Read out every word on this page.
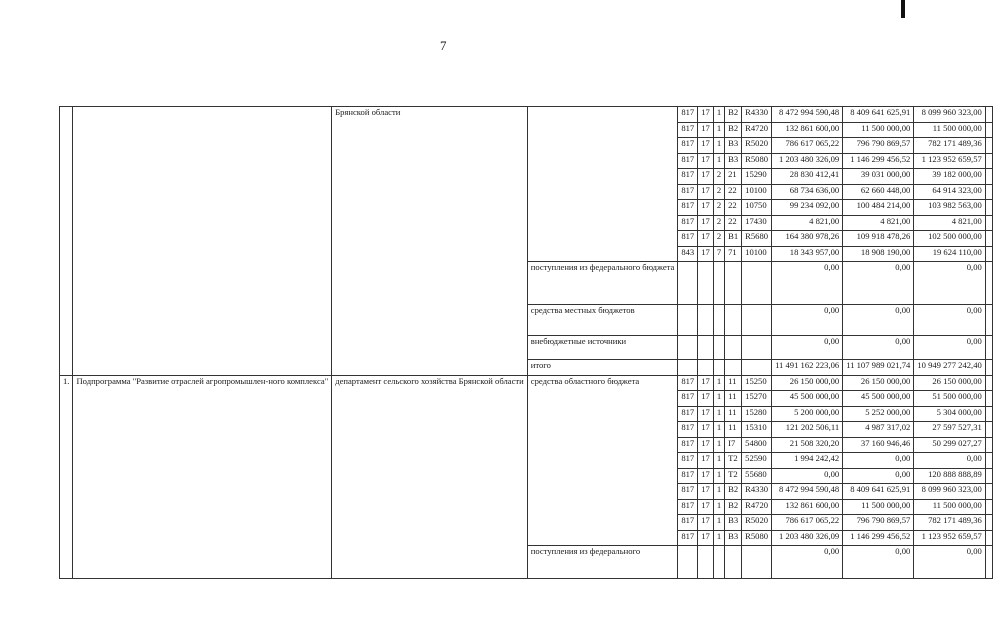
7
		Брянской области		817	17	1	B2	R4330	8 472 994 590,48	8 409 641 625,91	8 099 960 323,00	
				817	17	1	B2	R4720	132 861 600,00	11 500 000,00	11 500 000,00	
				817	17	1	B3	R5020	786 617 065,22	796 790 869,57	782 171 489,36	
				817	17	1	B3	R5080	1 203 480 326,09	1 146 299 456,52	1 123 952 659,57	
				817	17	2	21	15290	28 830 412,41	39 031 000,00	39 182 000,00	
				817	17	2	22	10100	68 734 636,00	62 660 448,00	64 914 323,00	
				817	17	2	22	10750	99 234 092,00	100 484 214,00	103 982 563,00	
				817	17	2	22	17430	4 821,00	4 821,00	4 821,00	
				817	17	2	B1	R5680	164 380 978,26	109 918 478,26	102 500 000,00	
				843	17	7	71	10100	18 343 957,00	18 908 190,00	19 624 110,00	
			поступления из федерального бюджета						0,00	0,00	0,00	
			средства местных бюджетов						0,00	0,00	0,00	
			внебюджетные источники						0,00	0,00	0,00	
			итого						11 491 162 223,06	11 107 989 021,74	10 949 277 242,40	
1.	Подпрограмма "Развитие отраслей агропромышлен-ного комплекса"	департамент сельского хозяйства Брянской области	средства областного бюджета	817	17	1	11	15250	26 150 000,00	26 150 000,00	26 150 000,00	
				817	17	1	11	15270	45 500 000,00	45 500 000,00	51 500 000,00	
				817	17	1	11	15280	5 200 000,00	5 252 000,00	5 304 000,00	
				817	17	1	11	15310	121 202 506,11	4 987 317,02	27 597 527,31	
				817	17	1	I7	54800	21 508 320,20	37 160 946,46	50 299 027,27	
				817	17	1	T2	52590	1 994 242,42	0,00	0,00	
				817	17	1	T2	55680	0,00	0,00	120 888 888,89	
				817	17	1	B2	R4330	8 472 994 590,48	8 409 641 625,91	8 099 960 323,00	
				817	17	1	B2	R4720	132 861 600,00	11 500 000,00	11 500 000,00	
				817	17	1	B3	R5020	786 617 065,22	796 790 869,57	782 171 489,36	
				817	17	1	B3	R5080	1 203 480 326,09	1 146 299 456,52	1 123 952 659,57	
			поступления из федерального						0,00	0,00	0,00	
